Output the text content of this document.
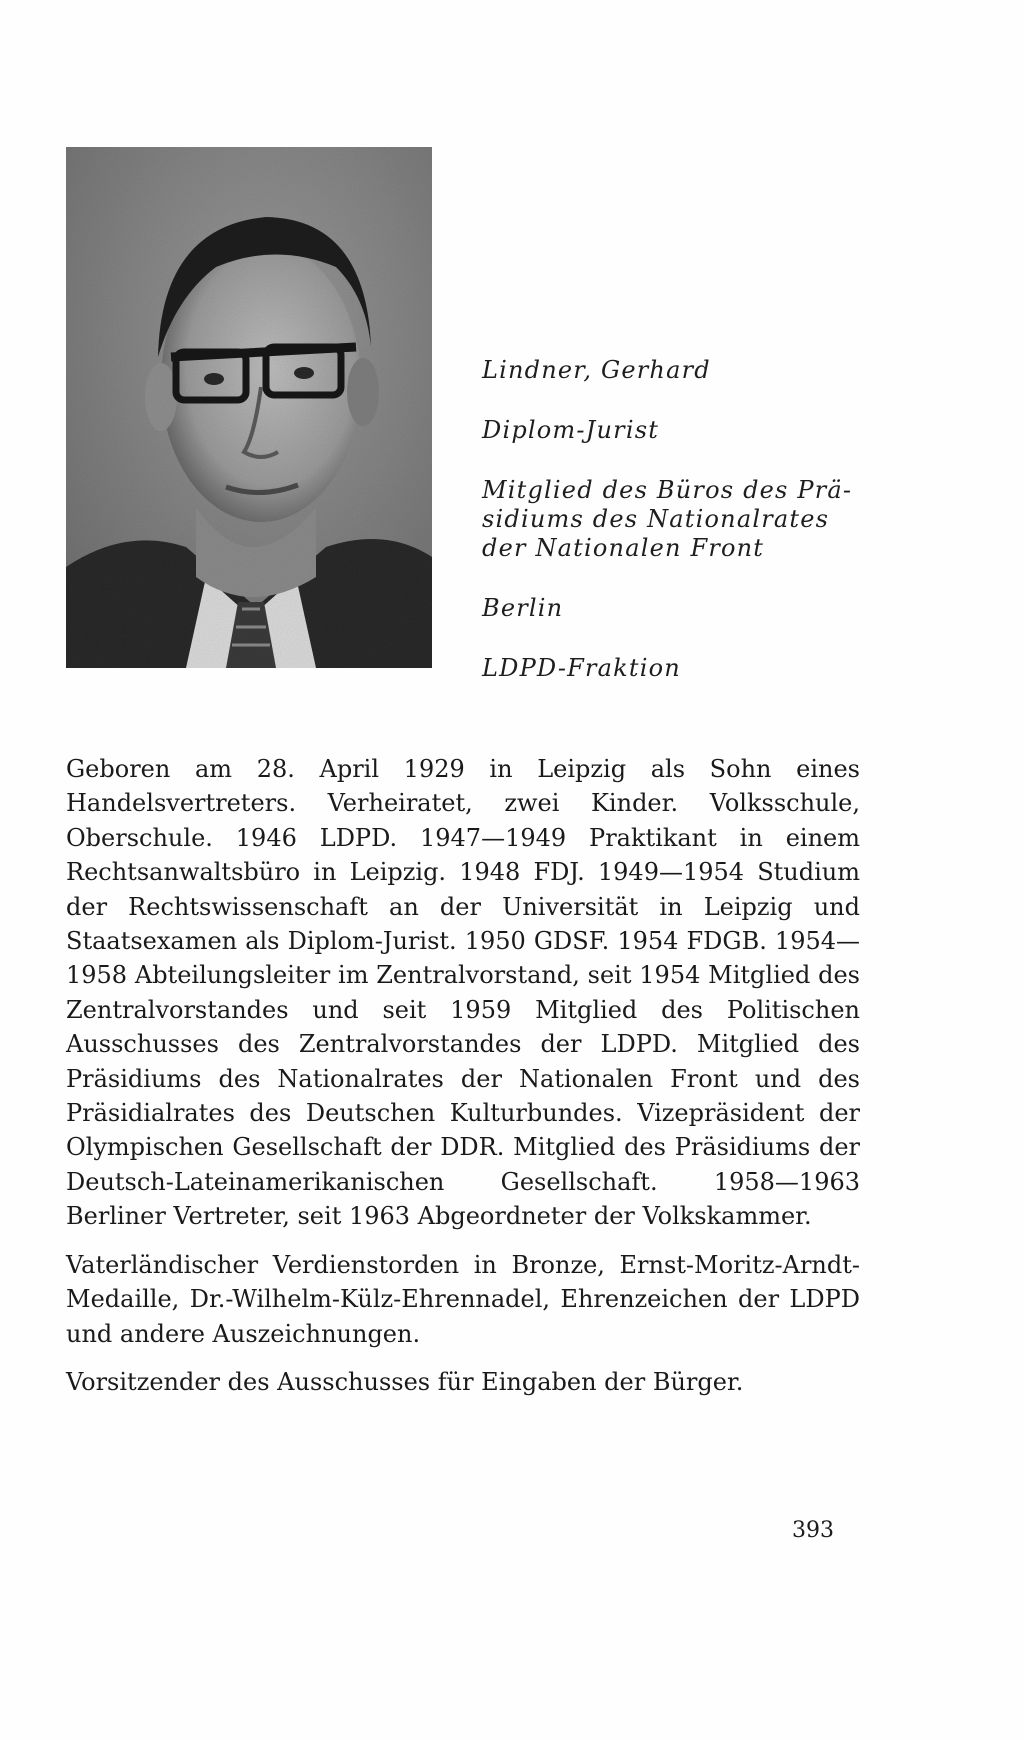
Lindner, Gerhard
Diplom-Jurist
Mitglied des Büros des Prä-
sidiums des Nationalrates
der Nationalen Front
Berlin
LDPD-Fraktion

Geboren am 28. April 1929 in Leipzig als Sohn eines Handelsvertreters. Verheiratet, zwei Kinder. Volksschule, Oberschule. 1946 LDPD. 1947—1949 Praktikant in einem Rechtsanwaltsbüro in Leipzig. 1948 FDJ. 1949—1954 Studium der Rechtswissenschaft an der Universität in Leipzig und Staatsexamen als Diplom-Jurist. 1950 GDSF. 1954 FDGB. 1954—1958 Abteilungsleiter im Zentralvorstand, seit 1954 Mitglied des Zentralvorstandes und seit 1959 Mitglied des Politischen Ausschusses des Zentralvorstandes der LDPD. Mitglied des Präsidiums des Nationalrates der Nationalen Front und des Präsidialrates des Deutschen Kulturbundes. Vizepräsident der Olympischen Gesellschaft der DDR. Mitglied des Präsidiums der Deutsch-Lateinamerikanischen Gesellschaft. 1958—1963 Berliner Vertreter, seit 1963 Abgeordneter der Volkskammer.

Vaterländischer Verdienstorden in Bronze, Ernst-Moritz-Arndt-Medaille, Dr.-Wilhelm-Külz-Ehrennadel, Ehrenzeichen der LDPD und andere Auszeichnungen.

Vorsitzender des Ausschusses für Eingaben der Bürger.

393
